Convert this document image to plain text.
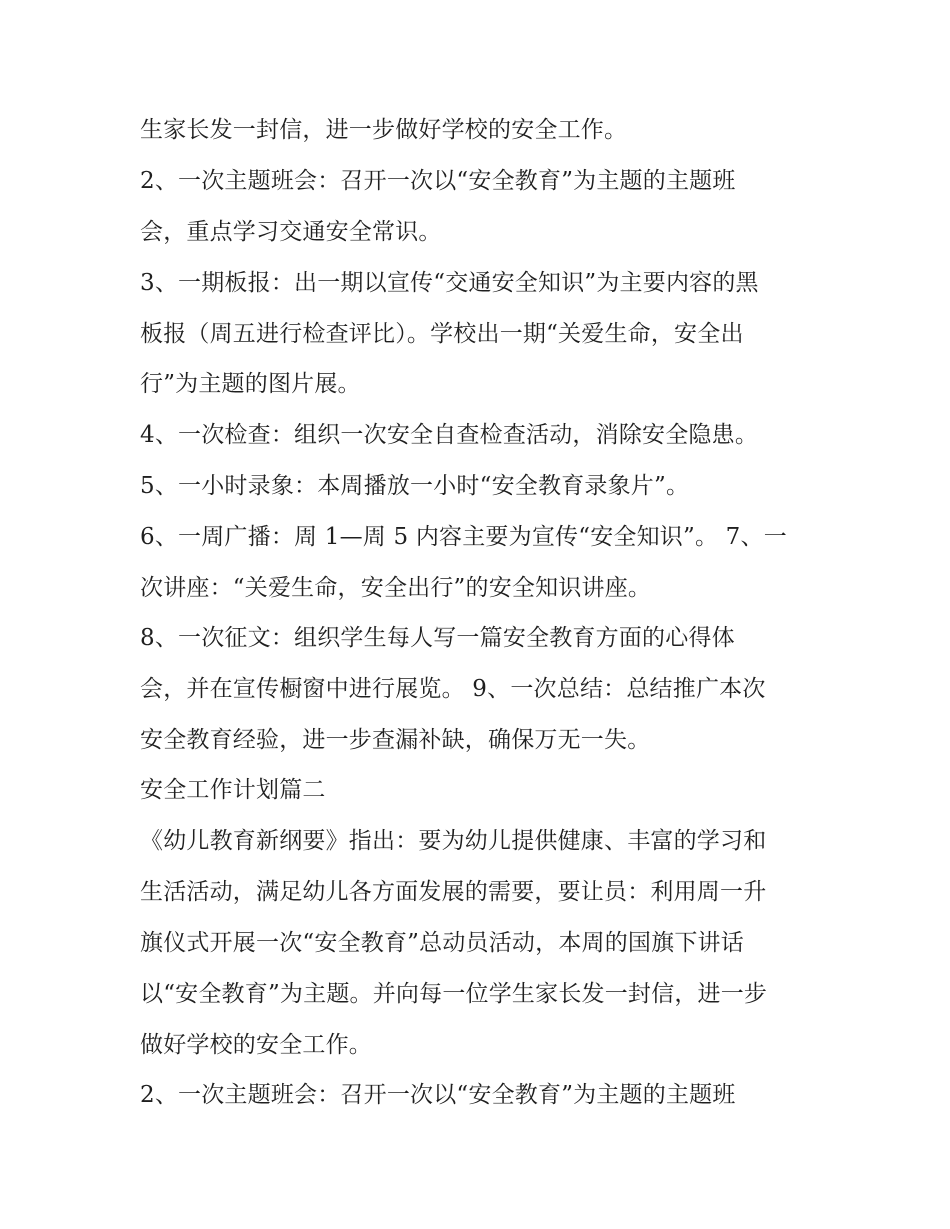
生家长发一封信，进一步做好学校的安全工作。

2、一次主题班会：召开一次以“安全教育”为主题的主题班

会，重点学习交通安全常识。

3、一期板报：出一期以宣传“交通安全知识”为主要内容的黑

板报（周五进行检查评比）。学校出一期“关爱生命，安全出

行”为主题的图片展。

4、一次检查：组织一次安全自查检查活动，消除安全隐患。

5、一小时录象：本周播放一小时“安全教育录象片”。

6、一周广播：周 1—周 5 内容主要为宣传“安全知识”。 7、一

次讲座：“关爱生命，安全出行”的安全知识讲座。

8、一次征文：组织学生每人写一篇安全教育方面的心得体

会，并在宣传橱窗中进行展览。 9、一次总结：总结推广本次

安全教育经验，进一步查漏补缺，确保万无一失。

安全工作计划篇二

《幼儿教育新纲要》指出：要为幼儿提供健康、丰富的学习和

生活活动，满足幼儿各方面发展的需要，要让员：利用周一升

旗仪式开展一次“安全教育”总动员活动，本周的国旗下讲话

以“安全教育”为主题。并向每一位学生家长发一封信，进一步

做好学校的安全工作。

2、一次主题班会：召开一次以“安全教育”为主题的主题班
